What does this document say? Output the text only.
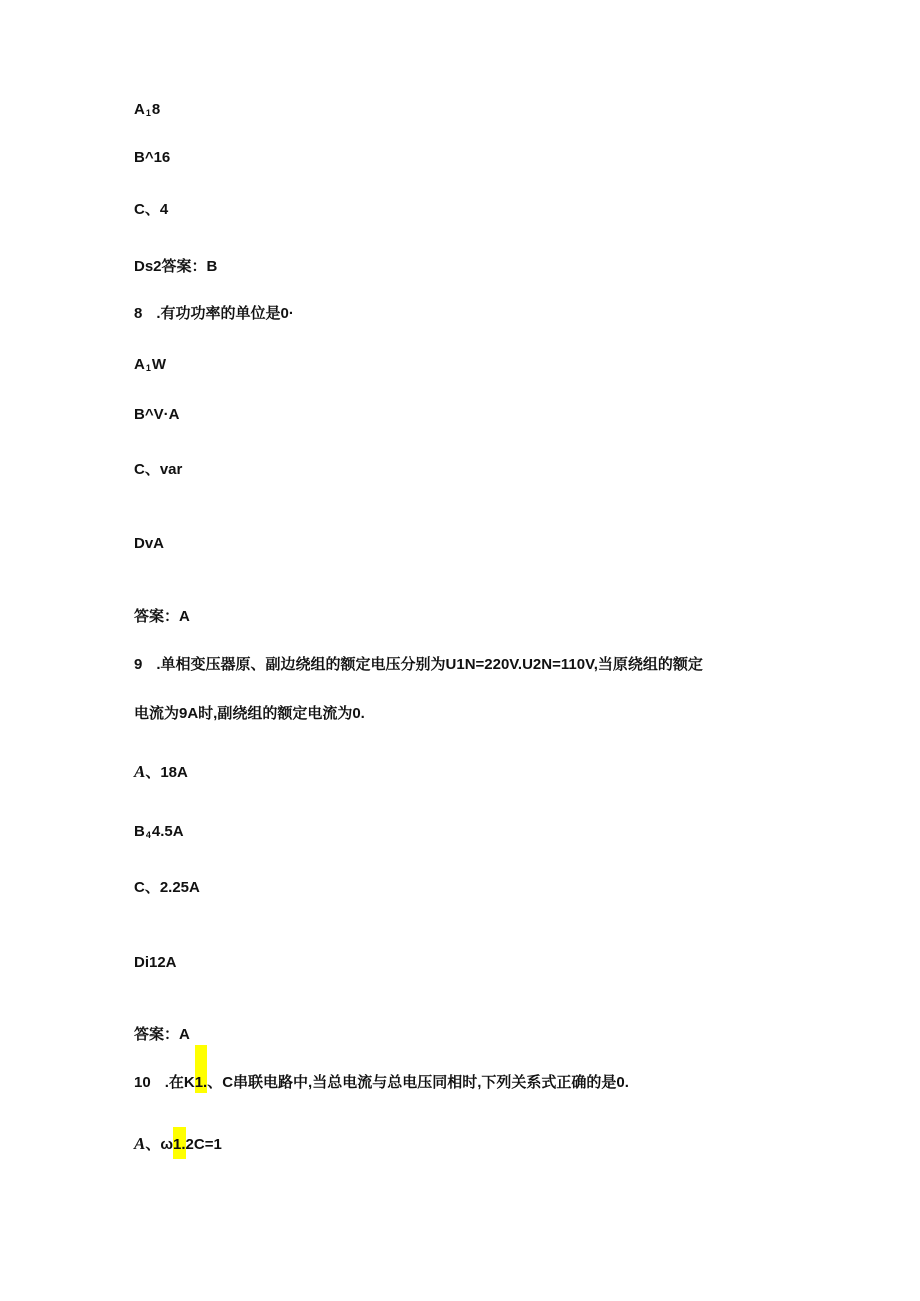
$A_18$
B^16
C、4
Ds2答案：B
8 .有功功率的单位是0·
$A_1W$
B^V·A
C、var
DvA
答案：A
9 .单相变压器原、副边绕组的额定电压分别为U1N=220V.U2N=110V,当原绕组的额定
电流为9A时,副绕组的额定电流为0.
A、18A
$B_44.5A$
C、2.25A
Di12A
答案：A
10 .在K1.、C串联电路中,当总电流与总电压同相时,下列关系式正确的是0.
A、ω1.2C=1
